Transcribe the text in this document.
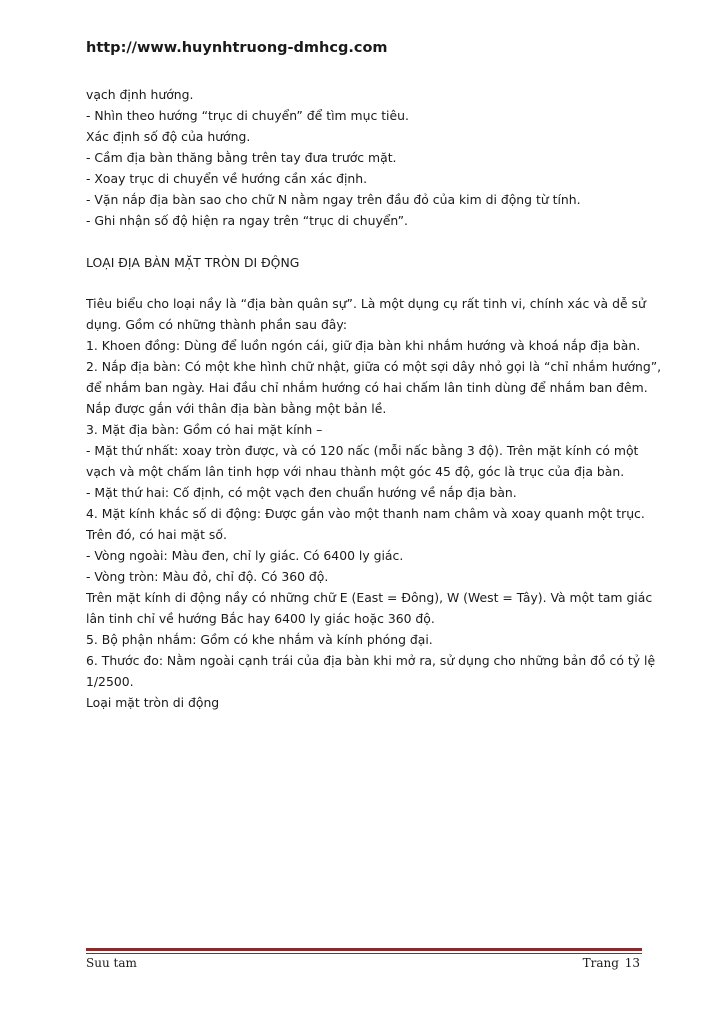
http://www.huynhtruong-dmhcg.com
vạch định hướng.
- Nhìn theo hướng “trục di chuyển” để tìm mục tiêu.
Xác định số độ của hướng.
- Cầm địa bàn thăng bằng trên tay đưa trước mặt.
- Xoay trục di chuyển về hướng cần xác định.
- Vặn nắp địa bàn sao cho chữ N nằm ngay trên đầu đỏ của kim di động từ tính.
- Ghi nhận số độ hiện ra ngay trên “trục di chuyển”.
LOẠI ĐỊA BÀN MẶT TRÒN DI ĐỘNG
Tiêu biểu cho loại nầy là “địa bàn quân sự”. Là một dụng cụ rất tinh vi, chính xác và dễ sử
dụng. Gồm có những thành phần sau đây:
1. Khoen đồng: Dùng để luồn ngón cái, giữ địa bàn khi nhắm hướng và khoá nắp địa bàn.
2. Nắp địa bàn: Có một khe hình chữ nhật, giữa có một sợi dây nhỏ gọi là “chỉ nhắm hướng”,
để nhắm ban ngày. Hai đầu chỉ nhắm hướng có hai chấm lân tinh dùng để nhắm ban đêm.
Nắp được gắn với thân địa bàn bằng một bản lề.
3. Mặt địa bàn: Gồm có hai mặt kính –
- Mặt thứ nhất: xoay tròn được, và có 120 nấc (mỗi nấc bằng 3 độ). Trên mặt kính có một
vạch và một chấm lân tinh hợp với nhau thành một góc 45 độ, góc là trục của địa bàn.
- Mặt thứ hai: Cố định, có một vạch đen chuẩn hướng về nắp địa bàn.
4. Mặt kính khắc số di động: Được gắn vào một thanh nam châm và xoay quanh một trục.
Trên đó, có hai mặt số.
- Vòng ngoài: Màu đen, chỉ ly giác. Có 6400 ly giác.
- Vòng tròn: Màu đỏ, chỉ độ. Có 360 độ.
Trên mặt kính di động nầy có những chữ E (East = Đông), W (West = Tây). Và một tam giác
lân tinh chỉ về hướng Bắc hay 6400 ly giác hoặc 360 độ.
5. Bộ phận nhắm: Gồm có khe nhắm và kính phóng đại.
6. Thước đo: Nằm ngoài cạnh trái của địa bàn khi mở ra, sử dụng cho những bản đồ có tỷ lệ
1/2500.
Loại mặt tròn di động
Suu tam	Trang 13
